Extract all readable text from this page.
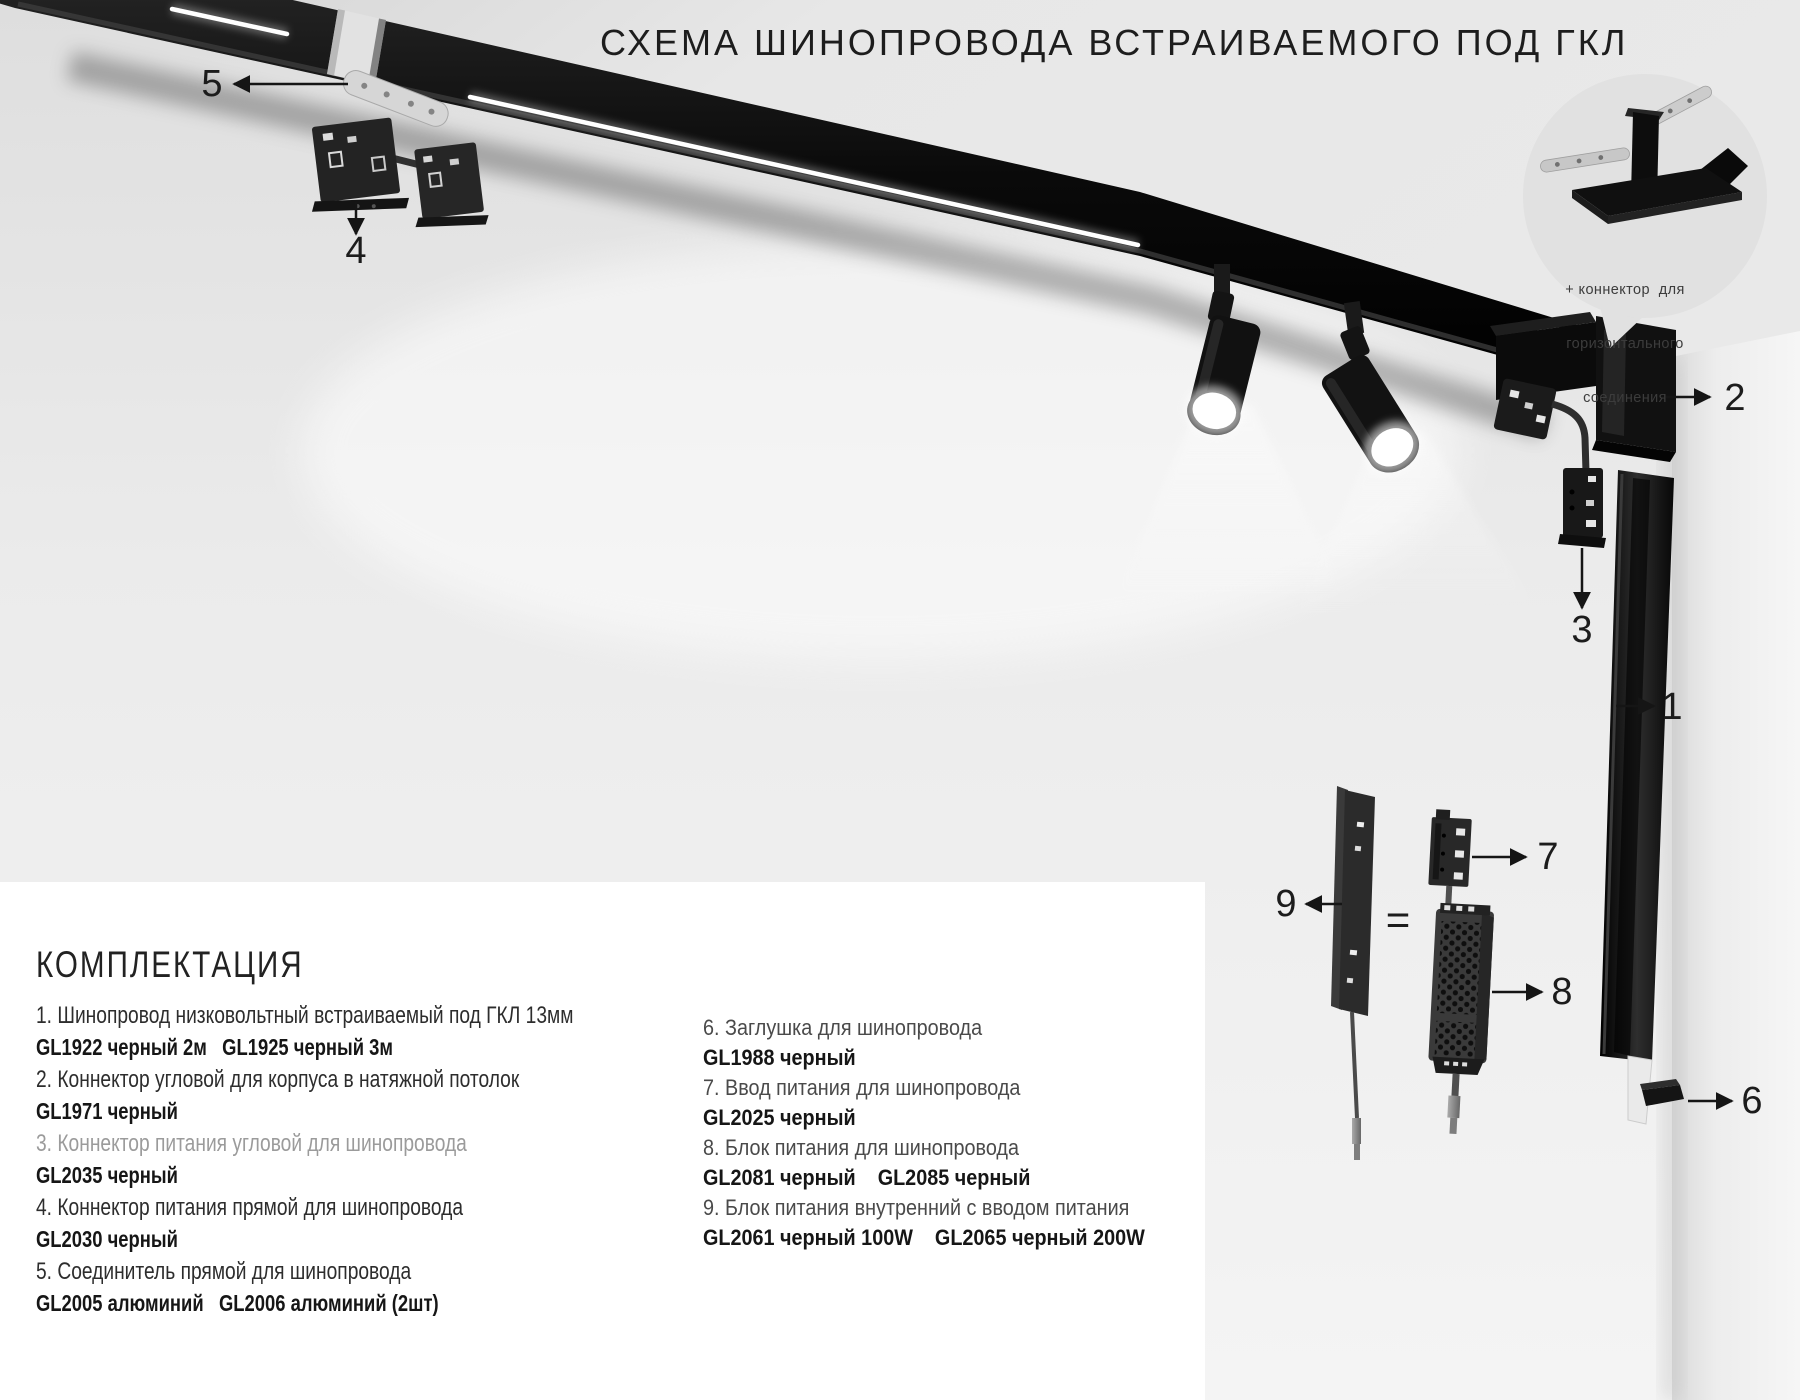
СХЕМА ШИНОПРОВОДА ВСТРАИВАЕМОГО ПОД ГКЛ

+ коннектор  для

горизонтального

соединения

5
4
2
3
1
9 =
7
8
6
КОМПЛЕКТАЦИЯ
1. Шинопровод низковольтный встраиваемый под ГКЛ 13мм
GL1922 черный 2м   GL1925 черный 3м
2. Коннектор угловой для корпуса в натяжной потолок
GL1971 черный
3. Коннектор питания угловой для шинопровода
GL2035 черный
4. Коннектор питания прямой для шинопровода
GL2030 черный
5. Соединитель прямой для шинопровода
GL2005 алюминий   GL2006 алюминий (2шт)
6. Заглушка для шинопровода
GL1988 черный
7. Ввод питания для шинопровода
GL2025 черный
8. Блок питания для шинопровода
GL2081 черный    GL2085 черный
9. Блок питания внутренний с вводом питания
GL2061 черный 100W    GL2065 черный 200W
